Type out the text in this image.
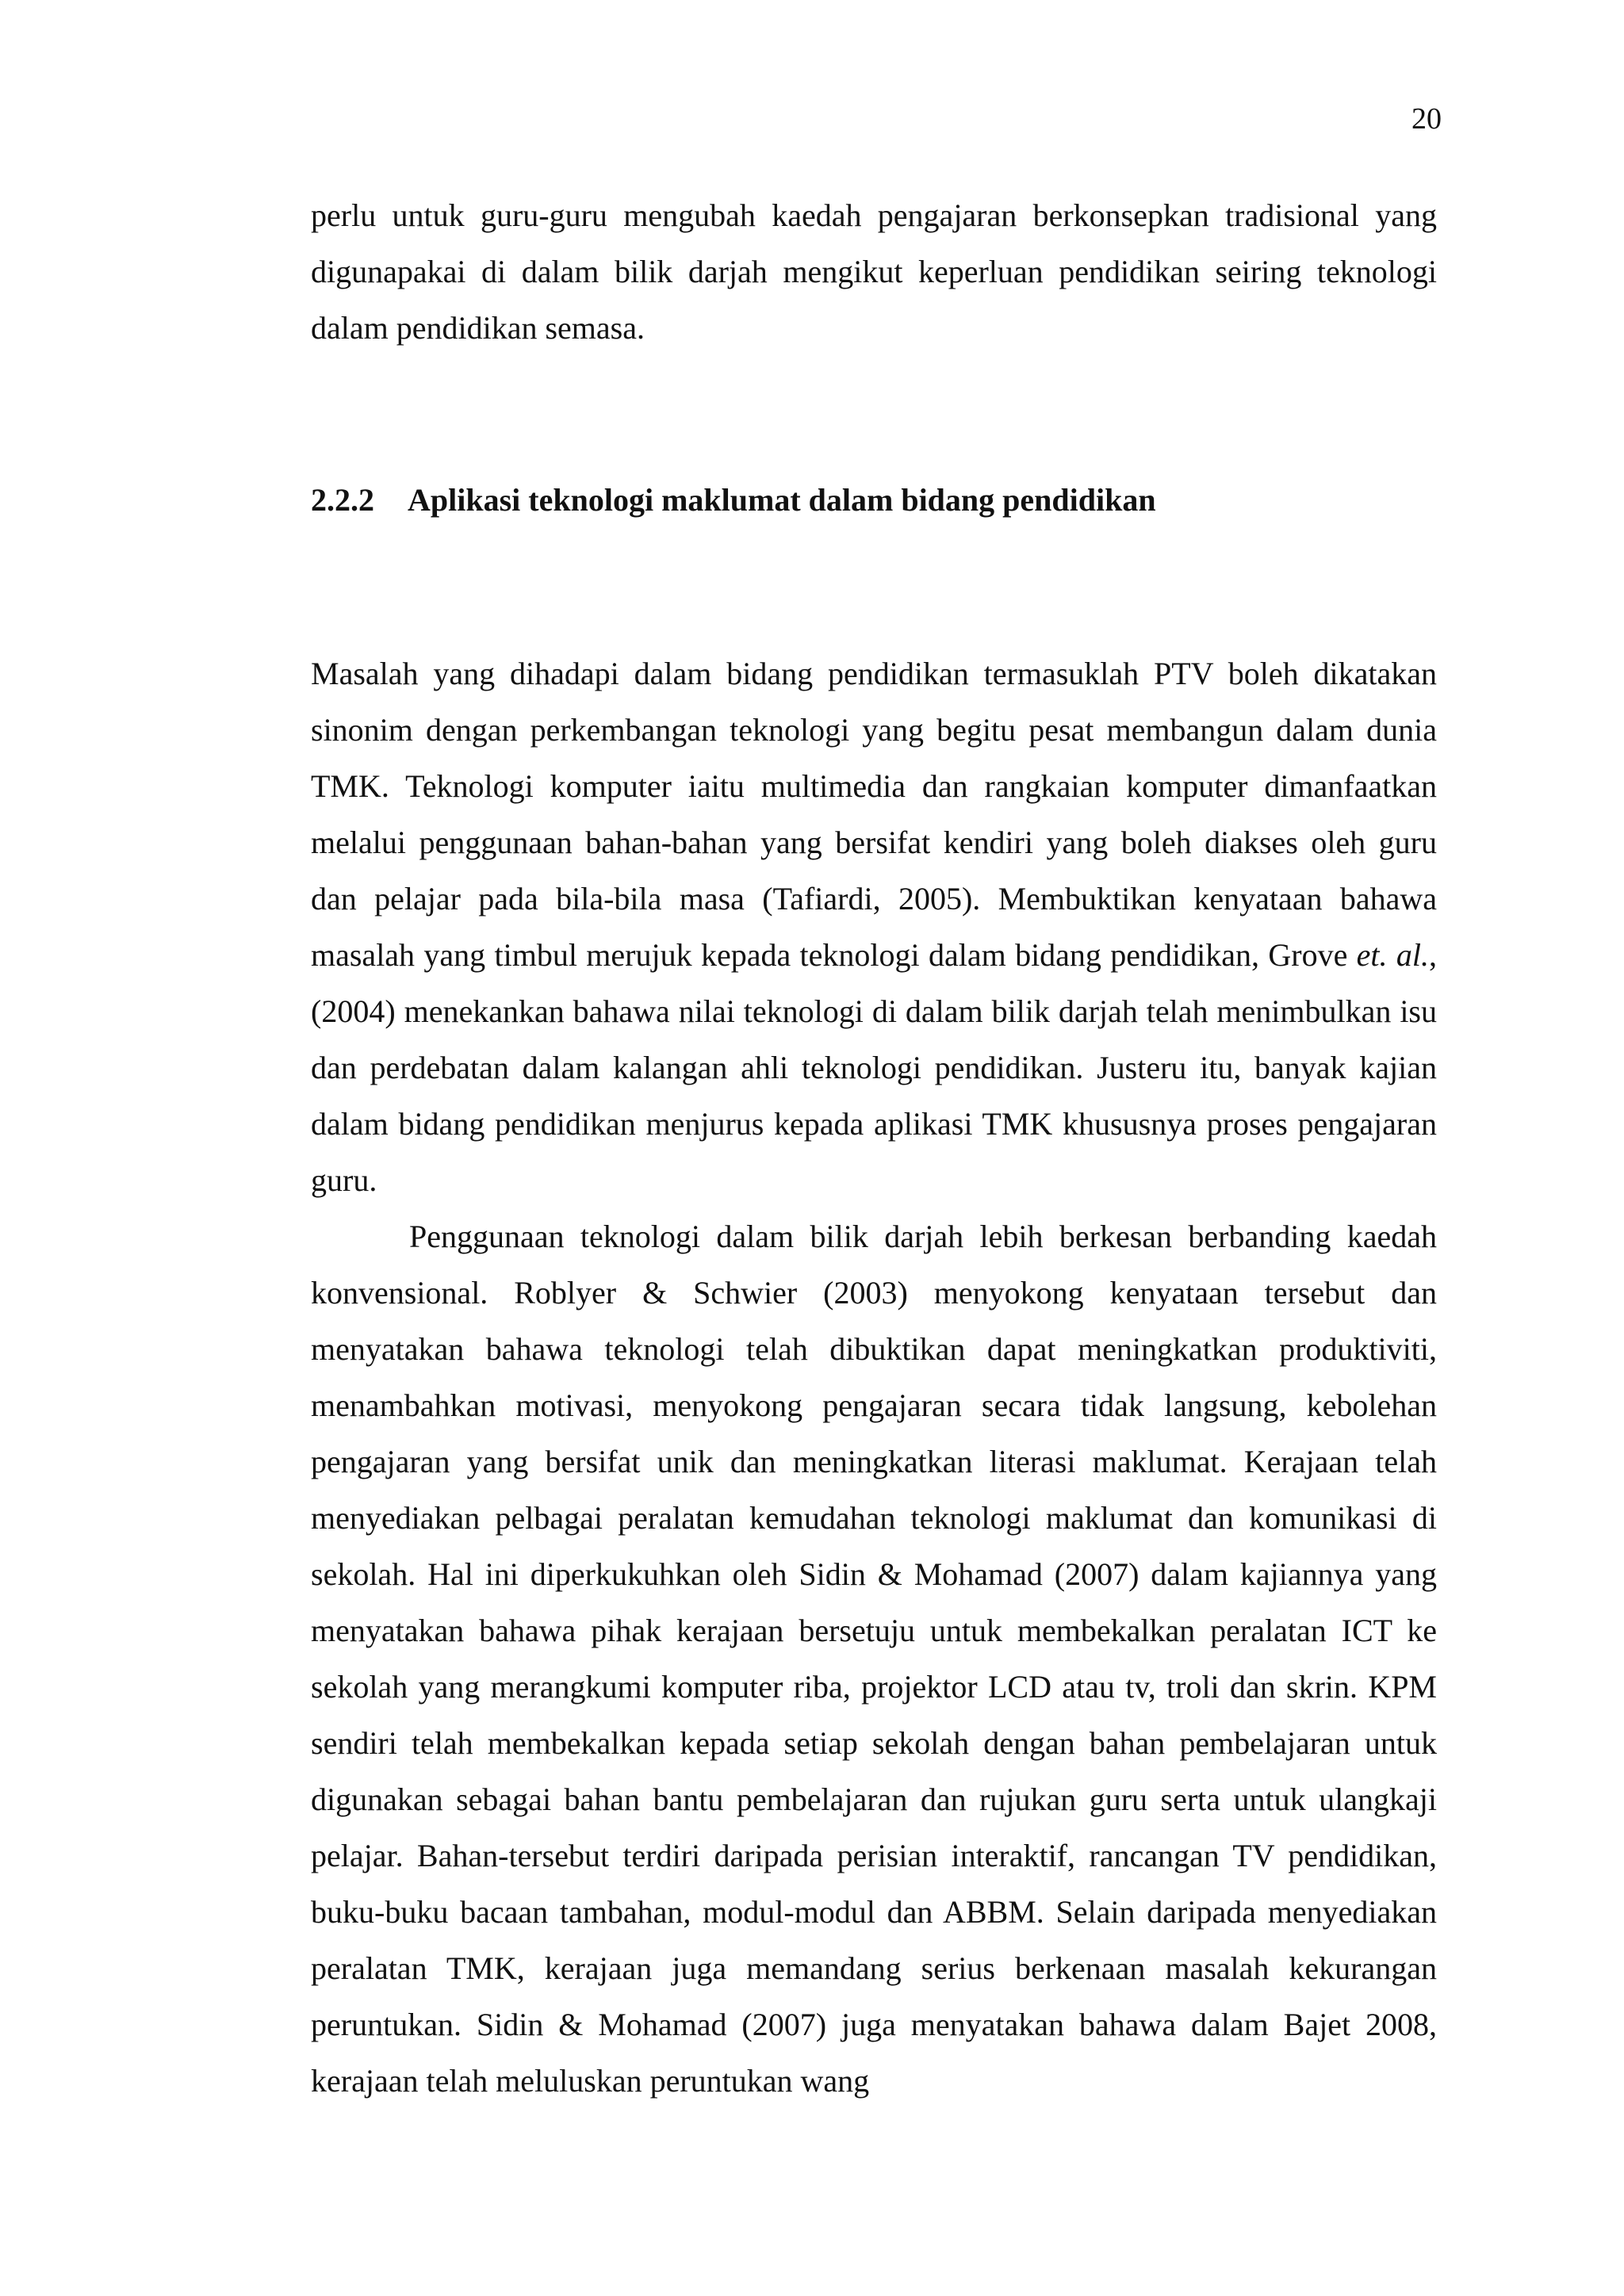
20

perlu untuk guru-guru mengubah kaedah pengajaran berkonsepkan tradisional yang digunapakai di dalam bilik darjah mengikut keperluan pendidikan seiring teknologi dalam pendidikan semasa.

2.2.2	Aplikasi teknologi maklumat dalam bidang pendidikan

Masalah yang dihadapi dalam bidang pendidikan termasuklah PTV boleh dikatakan sinonim dengan perkembangan teknologi yang begitu pesat membangun dalam dunia TMK. Teknologi komputer iaitu multimedia dan rangkaian komputer dimanfaatkan melalui penggunaan bahan-bahan yang bersifat kendiri yang boleh diakses oleh guru dan pelajar pada bila-bila masa (Tafiardi, 2005). Membuktikan kenyataan bahawa masalah yang timbul merujuk kepada teknologi dalam bidang pendidikan, Grove et. al., (2004) menekankan bahawa nilai teknologi di dalam bilik darjah telah menimbulkan isu dan perdebatan dalam kalangan ahli teknologi pendidikan. Justeru itu, banyak kajian dalam bidang pendidikan menjurus kepada aplikasi TMK khususnya proses pengajaran guru.

Penggunaan teknologi dalam bilik darjah lebih berkesan berbanding kaedah konvensional. Roblyer & Schwier (2003) menyokong kenyataan tersebut dan menyatakan bahawa teknologi telah dibuktikan dapat meningkatkan produktiviti, menambahkan motivasi, menyokong pengajaran secara tidak langsung, kebolehan pengajaran yang bersifat unik dan meningkatkan literasi maklumat. Kerajaan telah menyediakan pelbagai peralatan kemudahan teknologi maklumat dan komunikasi di sekolah. Hal ini diperkukuhkan oleh Sidin & Mohamad (2007) dalam kajiannya yang menyatakan bahawa pihak kerajaan bersetuju untuk membekalkan peralatan ICT ke sekolah yang merangkumi komputer riba, projektor LCD atau tv, troli dan skrin. KPM sendiri telah membekalkan kepada setiap sekolah dengan bahan pembelajaran untuk digunakan sebagai bahan bantu pembelajaran dan rujukan guru serta untuk ulangkaji pelajar. Bahan-tersebut terdiri daripada perisian interaktif, rancangan TV pendidikan, buku-buku bacaan tambahan, modul-modul dan ABBM. Selain daripada menyediakan peralatan TMK, kerajaan juga memandang serius berkenaan masalah kekurangan peruntukan. Sidin & Mohamad (2007) juga menyatakan bahawa dalam Bajet 2008, kerajaan telah meluluskan peruntukan wang
